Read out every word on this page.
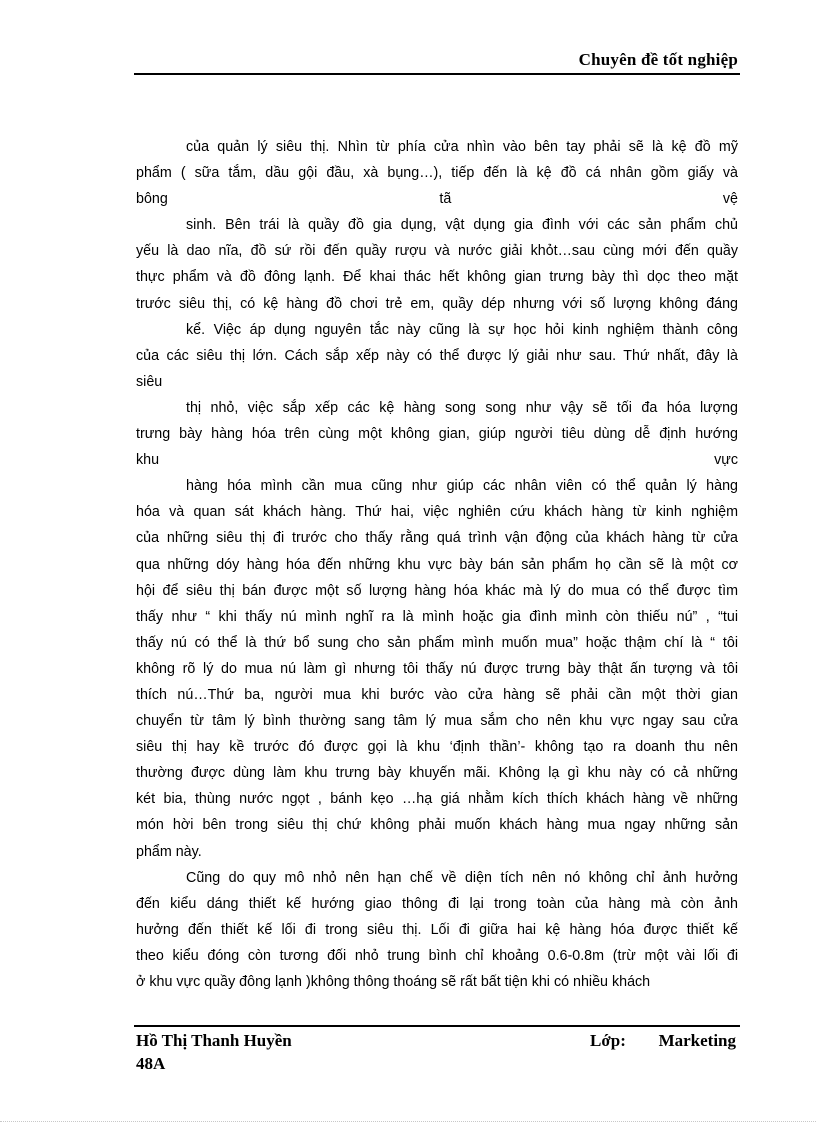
Chuyên đề tốt nghiệp
của quản lý siêu thị. Nhìn từ phía cửa nhìn vào bên tay phải sẽ là kệ đồ mỹ
phẩm ( sữa tắm, dầu gội đầu, xà bụng…), tiếp đến là kệ đồ cá nhân gồm giấy và
bông tã vệ
sinh. Bên trái là quầy đồ gia dụng, vật dụng gia đình với các sản phẩm chủ
yếu là dao nĩa, đồ sứ rồi đến quầy rượu và nước giải khỏt…sau cùng mới đến quầy
thực phẩm và đồ đông lạnh. Để khai thác hết không gian trưng bày thì dọc theo mặt
trước siêu thị, có kệ hàng đồ chơi trẻ em, quầy dép nhưng với số lượng không đáng
kể. Việc áp dụng nguyên tắc này cũng là sự học hỏi kinh nghiệm thành công
của các siêu thị lớn. Cách sắp xếp này có thể được lý giải như sau. Thứ nhất, đây là
siêu
thị nhỏ, việc sắp xếp các kệ hàng song song như vậy sẽ tối đa hóa lượng
trưng bày hàng hóa trên cùng một không gian, giúp người tiêu dùng dễ định hướng
khu vực
hàng hóa mình cần mua cũng như giúp các nhân viên có thể quản lý hàng
hóa và quan sát khách hàng. Thứ hai, việc nghiên cứu khách hàng từ kinh nghiệm
của những siêu thị đi trước cho thấy rằng quá trình vận động của khách hàng từ cửa
qua những dóy hàng hóa đến những khu vực bày bán sản phẩm họ cần sẽ là một cơ
hội để siêu thị bán được một số lượng hàng hóa khác mà lý do mua có thể được tìm
thấy như “ khi thấy nú mình nghĩ ra là mình hoặc gia đình mình còn thiếu nú” , “tui
thấy nú có thể là thứ bổ sung cho sản phẩm mình muốn mua” hoặc thậm chí là “ tôi
không rõ lý do mua nú làm gì nhưng tôi thấy nú được trưng bày thật ấn tượng và tôi
thích nú…Thứ ba, người mua khi bước vào cửa hàng sẽ phải cần một thời gian
chuyển từ tâm lý bình thường sang tâm lý mua sắm cho nên khu vực ngay sau cửa
siêu thị hay kề trước đó được gọi là khu ‘định thần’- không tạo ra doanh thu nên
thường được dùng làm khu trưng bày khuyến mãi. Không lạ gì khu này có cả những
két bia, thùng nước ngọt , bánh kẹo …hạ giá nhằm kích thích khách hàng về những
món hời bên trong siêu thị chứ không phải muốn khách hàng mua ngay những sản
phẩm này.
Cũng do quy mô nhỏ nên hạn chế về diện tích nên nó không chỉ ảnh hưởng
đến kiểu dáng thiết kế hướng giao thông đi lại trong toàn của hàng mà còn ảnh
hưởng đến thiết kế lối đi trong siêu thị. Lối đi giữa hai kệ hàng hóa được thiết kế
theo kiểu đóng còn tương đối nhỏ trung bình chỉ khoảng 0.6-0.8m (trừ một vài lối đi
ở khu vực quầy đông lạnh )không thông thoáng sẽ rất bất tiện khi có nhiều khách
Hồ Thị Thanh Huyền	Lớp: Marketing
48A
